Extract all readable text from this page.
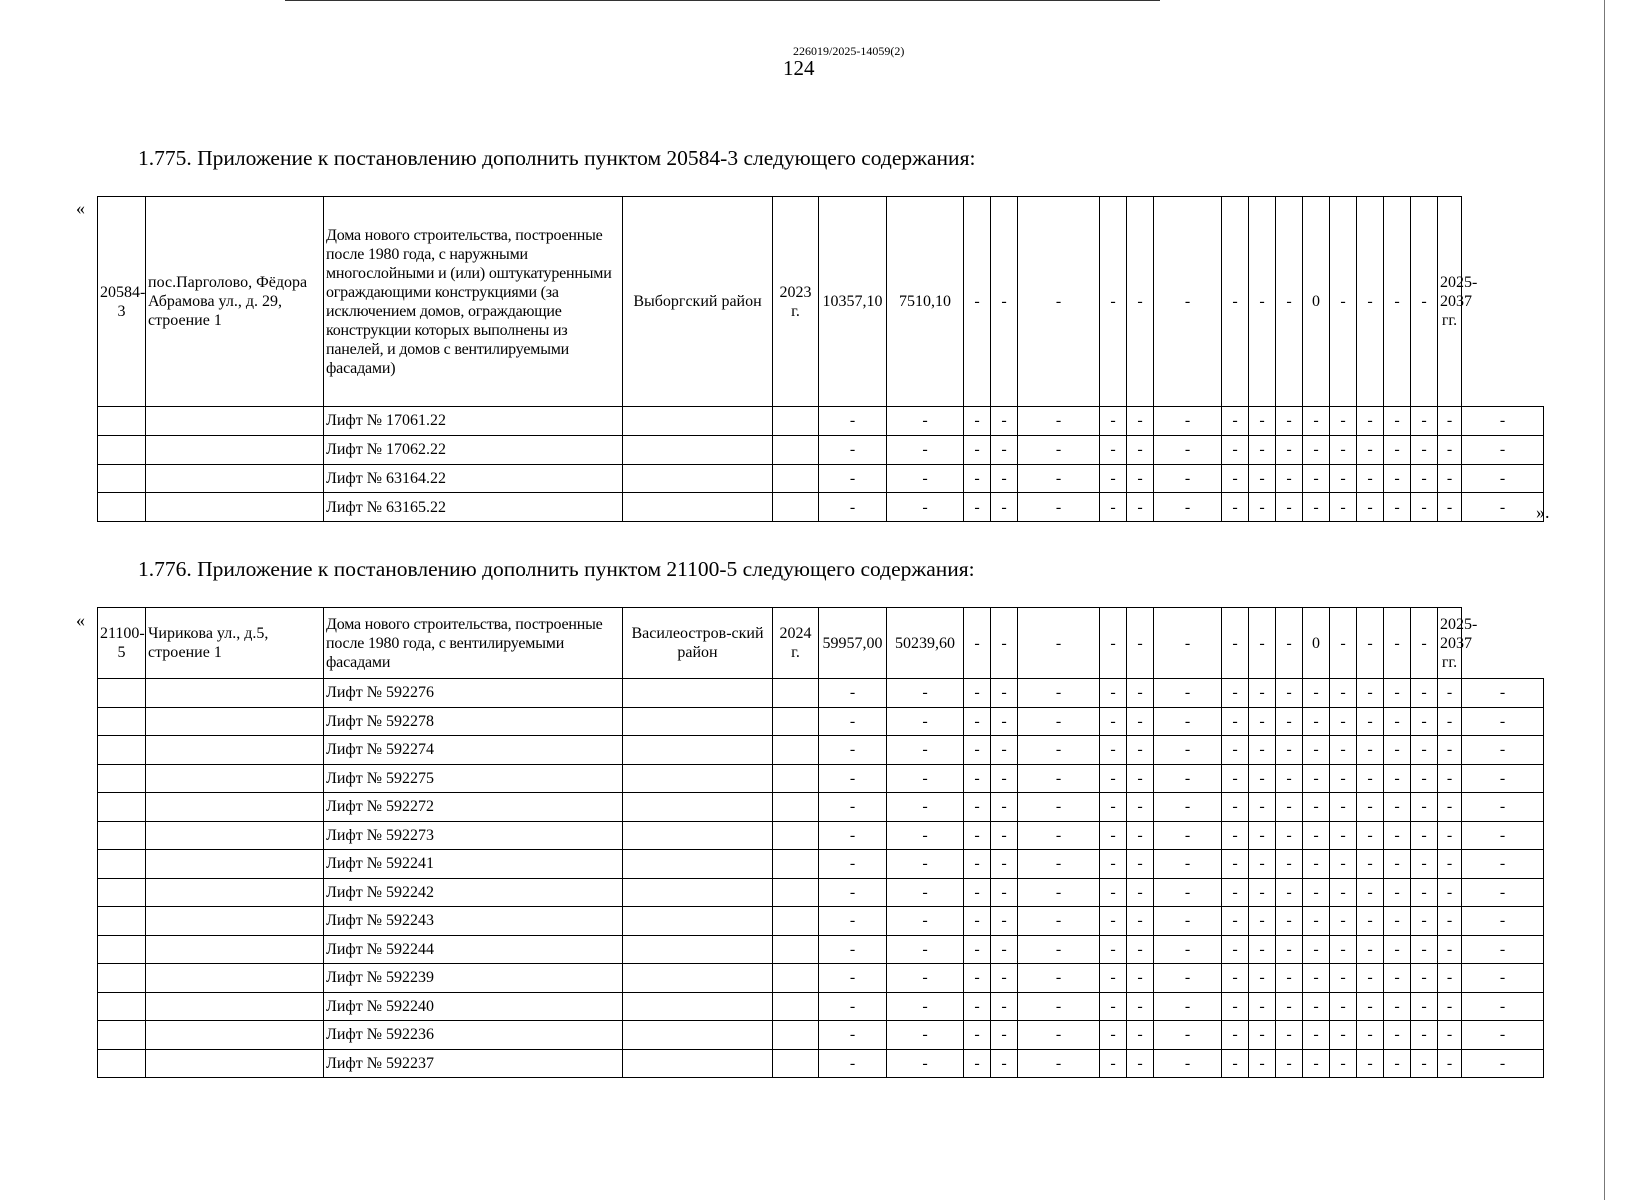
226019/2025-14059(2)
124
1.775. Приложение к постановлению дополнить пунктом 20584-3 следующего содержания:
«
».
20584-3	пос.Парголово, Фёдора Абрамова ул., д. 29, строение 1	Дома нового строительства, построенные после 1980 года, с наружными многослойными и (или) оштукатуренными ограждающими конструкциями (за исключением домов, ограждающие конструкции которых выполнены из панелей, и домов с вентилируемыми фасадами)	Выборгский район	2023 г.	10357,10	7510,10	-	-	-	-	-	-	-	-	-	0	-	-	-	-	2025-2037 гг.	
		Лифт № 17061.22			-	-	-	-	-	-	-	-	-	-	-	-	-	-	-	-	-	-
		Лифт № 17062.22			-	-	-	-	-	-	-	-	-	-	-	-	-	-	-	-	-	-
		Лифт № 63164.22			-	-	-	-	-	-	-	-	-	-	-	-	-	-	-	-	-	-
		Лифт № 63165.22			-	-	-	-	-	-	-	-	-	-	-	-	-	-	-	-	-	-
1.776. Приложение к постановлению дополнить пунктом 21100-5 следующего содержания:
«
21100-5	Чирикова ул., д.5, строение 1	Дома нового строительства, построенные после 1980 года, с вентилируемыми фасадами	Василеостров-ский район	2024 г.	59957,00	50239,60	-	-	-	-	-	-	-	-	-	0	-	-	-	-	2025-2037 гг.	
		Лифт № 592276			-	-	-	-	-	-	-	-	-	-	-	-	-	-	-	-	-	-
		Лифт № 592278			-	-	-	-	-	-	-	-	-	-	-	-	-	-	-	-	-	-
		Лифт № 592274			-	-	-	-	-	-	-	-	-	-	-	-	-	-	-	-	-	-
		Лифт № 592275			-	-	-	-	-	-	-	-	-	-	-	-	-	-	-	-	-	-
		Лифт № 592272			-	-	-	-	-	-	-	-	-	-	-	-	-	-	-	-	-	-
		Лифт № 592273			-	-	-	-	-	-	-	-	-	-	-	-	-	-	-	-	-	-
		Лифт № 592241			-	-	-	-	-	-	-	-	-	-	-	-	-	-	-	-	-	-
		Лифт № 592242			-	-	-	-	-	-	-	-	-	-	-	-	-	-	-	-	-	-
		Лифт № 592243			-	-	-	-	-	-	-	-	-	-	-	-	-	-	-	-	-	-
		Лифт № 592244			-	-	-	-	-	-	-	-	-	-	-	-	-	-	-	-	-	-
		Лифт № 592239			-	-	-	-	-	-	-	-	-	-	-	-	-	-	-	-	-	-
		Лифт № 592240			-	-	-	-	-	-	-	-	-	-	-	-	-	-	-	-	-	-
		Лифт № 592236			-	-	-	-	-	-	-	-	-	-	-	-	-	-	-	-	-	-
		Лифт № 592237			-	-	-	-	-	-	-	-	-	-	-	-	-	-	-	-	-	-
